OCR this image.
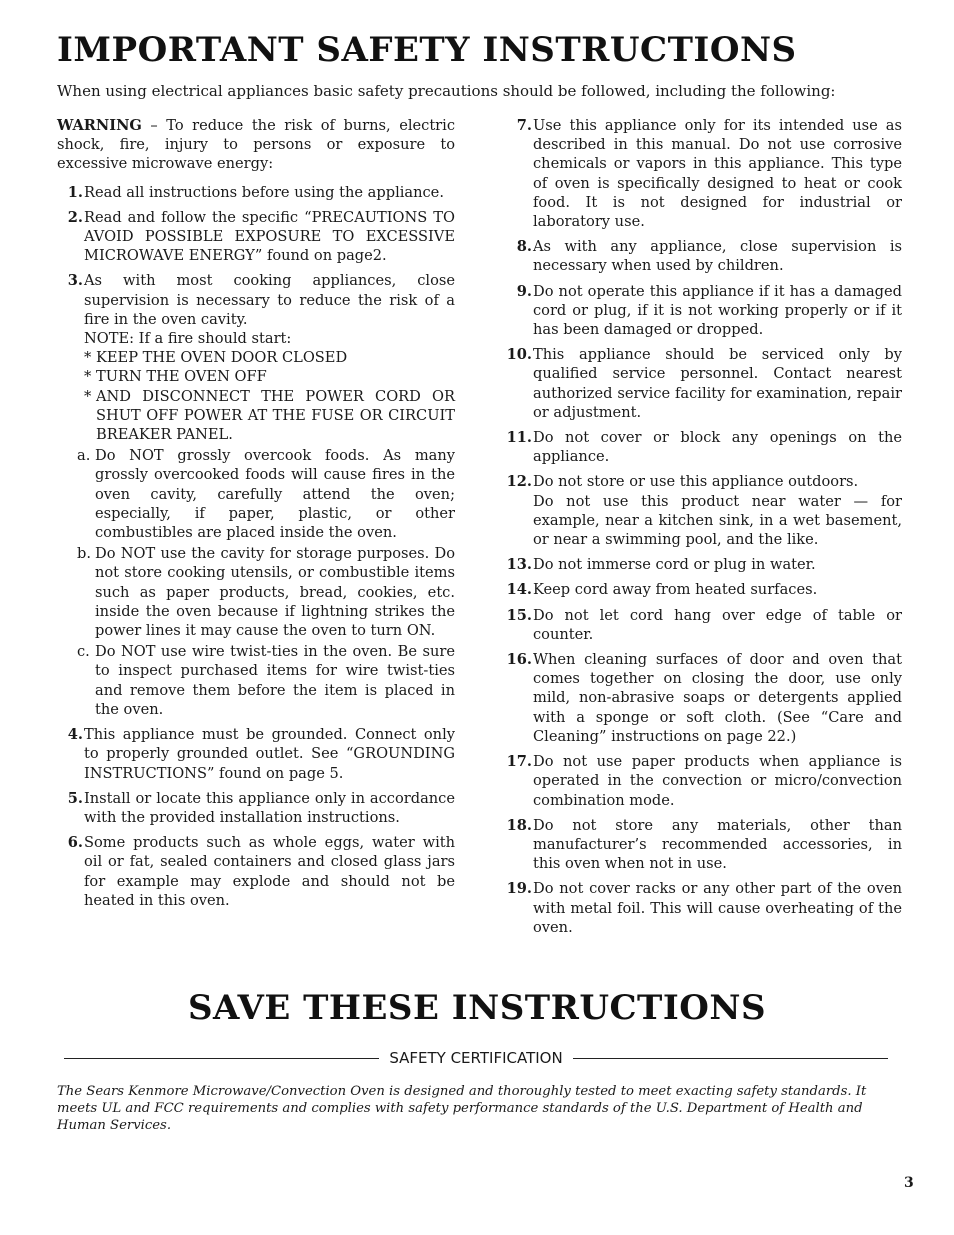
IMPORTANT SAFETY INSTRUCTIONS

When using electrical appliances basic safety precautions should be followed, including the following:

WARNING – To reduce the risk of burns, electric shock, fire, injury to persons or exposure to excessive microwave energy:

1. Read all instructions before using the appliance.
2. Read and follow the specific “PRECAUTIONS TO AVOID POSSIBLE EXPOSURE TO EXCESSIVE MICROWAVE ENERGY” found on page2.
3. As with most cooking appliances, close supervision is necessary to reduce the risk of a fire in the oven cavity.
NOTE: If a fire should start:
* KEEP THE OVEN DOOR CLOSED
* TURN THE OVEN OFF
* AND DISCONNECT THE POWER CORD OR SHUT OFF POWER AT THE FUSE OR CIRCUIT BREAKER PANEL.
a. Do NOT grossly overcook foods. As many grossly overcooked foods will cause fires in the oven cavity, carefully attend the oven; especially, if paper, plastic, or other combustibles are placed inside the oven.
b. Do NOT use the cavity for storage purposes. Do not store cooking utensils, or combustible items such as paper products, bread, cookies, etc. inside the oven because if lightning strikes the power lines it may cause the oven to turn ON.
c. Do NOT use wire twist-ties in the oven. Be sure to inspect purchased items for wire twist-ties and remove them before the item is placed in the oven.
4. This appliance must be grounded. Connect only to properly grounded outlet. See “GROUNDING INSTRUCTIONS” found on page 5.
5. Install or locate this appliance only in accordance with the provided installation instructions.
6. Some products such as whole eggs, water with oil or fat, sealed containers and closed glass jars for example may explode and should not be heated in this oven.
7. Use this appliance only for its intended use as described in this manual. Do not use corrosive chemicals or vapors in this appliance. This type of oven is specifically designed to heat or cook food. It is not designed for industrial or laboratory use.
8. As with any appliance, close supervision is necessary when used by children.
9. Do not operate this appliance if it has a damaged cord or plug, if it is not working properly or if it has been damaged or dropped.
10. This appliance should be serviced only by qualified service personnel. Contact nearest authorized service facility for examination, repair or adjustment.
11. Do not cover or block any openings on the appliance.
12. Do not store or use this appliance outdoors.
Do not use this product near water — for example, near a kitchen sink, in a wet basement, or near a swimming pool, and the like.
13. Do not immerse cord or plug in water.
14. Keep cord away from heated surfaces.
15. Do not let cord hang over edge of table or counter.
16. When cleaning surfaces of door and oven that comes together on closing the door, use only mild, non-abrasive soaps or detergents applied with a sponge or soft cloth. (See “Care and Cleaning” instructions on page 22.)
17. Do not use paper products when appliance is operated in the convection or micro/convection combination mode.
18. Do not store any materials, other than manufacturer’s recommended accessories, in this oven when not in use.
19. Do not cover racks or any other part of the oven with metal foil. This will cause overheating of the oven.
SAVE THESE INSTRUCTIONS
SAFETY CERTIFICATION

The Sears Kenmore Microwave/Convection Oven is designed and thoroughly tested to meet exacting safety standards. It meets UL and FCC requirements and complies with safety performance standards of the U.S. Department of Health and Human Services.

3
